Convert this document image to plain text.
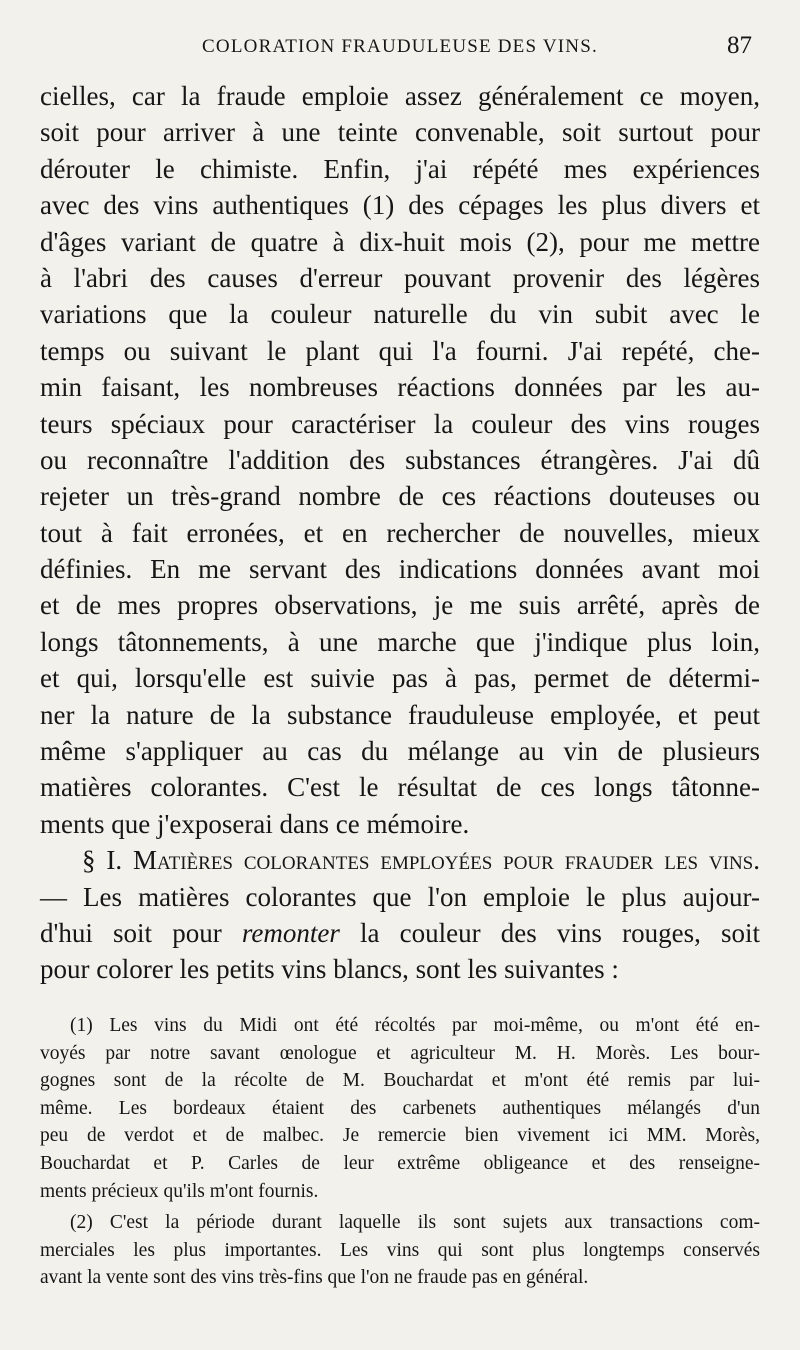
COLORATION FRAUDULEUSE DES VINS.	87
cielles, car la fraude emploie assez généralement ce moyen,
soit pour arriver à une teinte convenable, soit surtout pour
dérouter le chimiste. Enfin, j'ai répété mes expériences
avec des vins authentiques (1) des cépages les plus divers et
d'âges variant de quatre à dix-huit mois (2), pour me mettre
à l'abri des causes d'erreur pouvant provenir des légères
variations que la couleur naturelle du vin subit avec le
temps ou suivant le plant qui l'a fourni. J'ai repété, che-
min faisant, les nombreuses réactions données par les au-
teurs spéciaux pour caractériser la couleur des vins rouges
ou reconnaître l'addition des substances étrangères. J'ai dû
rejeter un très-grand nombre de ces réactions douteuses ou
tout à fait erronées, et en rechercher de nouvelles, mieux
définies. En me servant des indications données avant moi
et de mes propres observations, je me suis arrêté, après de
longs tâtonnements, à une marche que j'indique plus loin,
et qui, lorsqu'elle est suivie pas à pas, permet de détermi-
ner la nature de la substance frauduleuse employée, et peut
même s'appliquer au cas du mélange au vin de plusieurs
matières colorantes. C'est le résultat de ces longs tâtonne-
ments que j'exposerai dans ce mémoire.
§ I. Matières colorantes employées pour frauder les vins.
— Les matières colorantes que l'on emploie le plus aujour-
d'hui soit pour remonter la couleur des vins rouges, soit
pour colorer les petits vins blancs, sont les suivantes :
(1) Les vins du Midi ont été récoltés par moi-même, ou m'ont été en-
voyés par notre savant œnologue et agriculteur M. H. Morès. Les bour-
gognes sont de la récolte de M. Bouchardat et m'ont été remis par lui-
même. Les bordeaux étaient des carbenets authentiques mélangés d'un
peu de verdot et de malbec. Je remercie bien vivement ici MM. Morès,
Bouchardat et P. Carles de leur extrême obligeance et des renseigne-
ments précieux qu'ils m'ont fournis.
(2) C'est la période durant laquelle ils sont sujets aux transactions com-
merciales les plus importantes. Les vins qui sont plus longtemps conservés
avant la vente sont des vins très-fins que l'on ne fraude pas en général.
